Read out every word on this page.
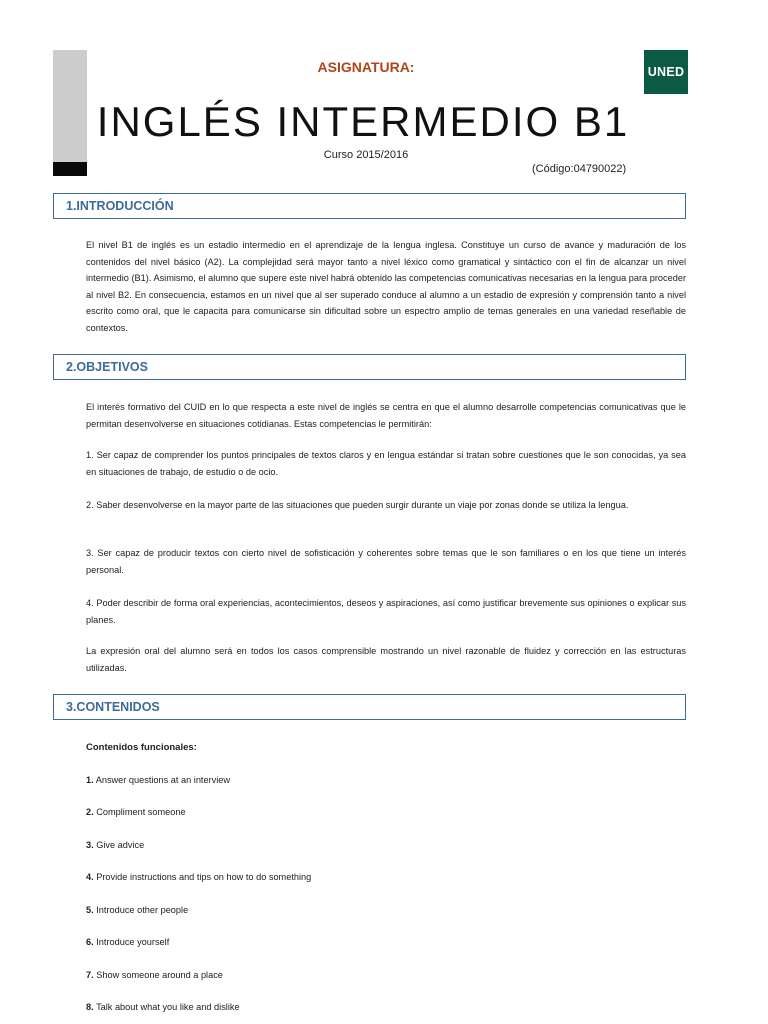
ASIGNATURA:	UNED
INGLÉS INTERMEDIO B1
Curso 2015/2016
(Código:04790022)
1.INTRODUCCIÓN
El nivel B1 de inglés es un estadio intermedio en el aprendizaje de la lengua inglesa. Constituye un curso de avance y maduración de los contenidos del nivel básico (A2). La complejidad será mayor tanto a nivel léxico como gramatical y sintáctico con el fin de alcanzar un nivel intermedio (B1). Asimismo, el alumno que supere este nivel habrá obtenido las competencias comunicativas necesarias en la lengua para proceder al nivel B2. En consecuencia, estamos en un nivel que al ser superado conduce al alumno a un estadio de expresión y comprensión tanto a nivel escrito como oral, que le capacita para comunicarse sin dificultad sobre un espectro amplio de temas generales en una variedad reseñable de contextos.
2.OBJETIVOS
El interés formativo del CUID en lo que respecta a este nivel de inglés se centra en que el alumno desarrolle competencias comunicativas que le permitan desenvolverse en situaciones cotidianas. Estas competencias le permitirán:
1. Ser capaz de comprender los puntos principales de textos claros y en lengua estándar si tratan sobre cuestiones que le son conocidas, ya sea en situaciones de trabajo, de estudio o de ocio.
2. Saber desenvolverse en la mayor parte de las situaciones que pueden surgir durante un viaje por zonas donde se utiliza la lengua.
3. Ser capaz de producir textos con cierto nivel de sofisticación y coherentes sobre temas que le son familiares o en los que tiene un interés personal.
4. Poder describir de forma oral experiencias, acontecimientos, deseos y aspiraciones, así como justificar brevemente sus opiniones o explicar sus planes.
La expresión oral del alumno será en todos los casos comprensible mostrando un nivel razonable de fluidez y corrección en las estructuras utilizadas.
3.CONTENIDOS
Contenidos funcionales:
1. Answer questions at an interview
2. Compliment someone
3. Give advice
4. Provide instructions and tips on how to do something
5. Introduce other people
6. Introduce yourself
7. Show someone around a place
8. Talk about what you like and dislike
